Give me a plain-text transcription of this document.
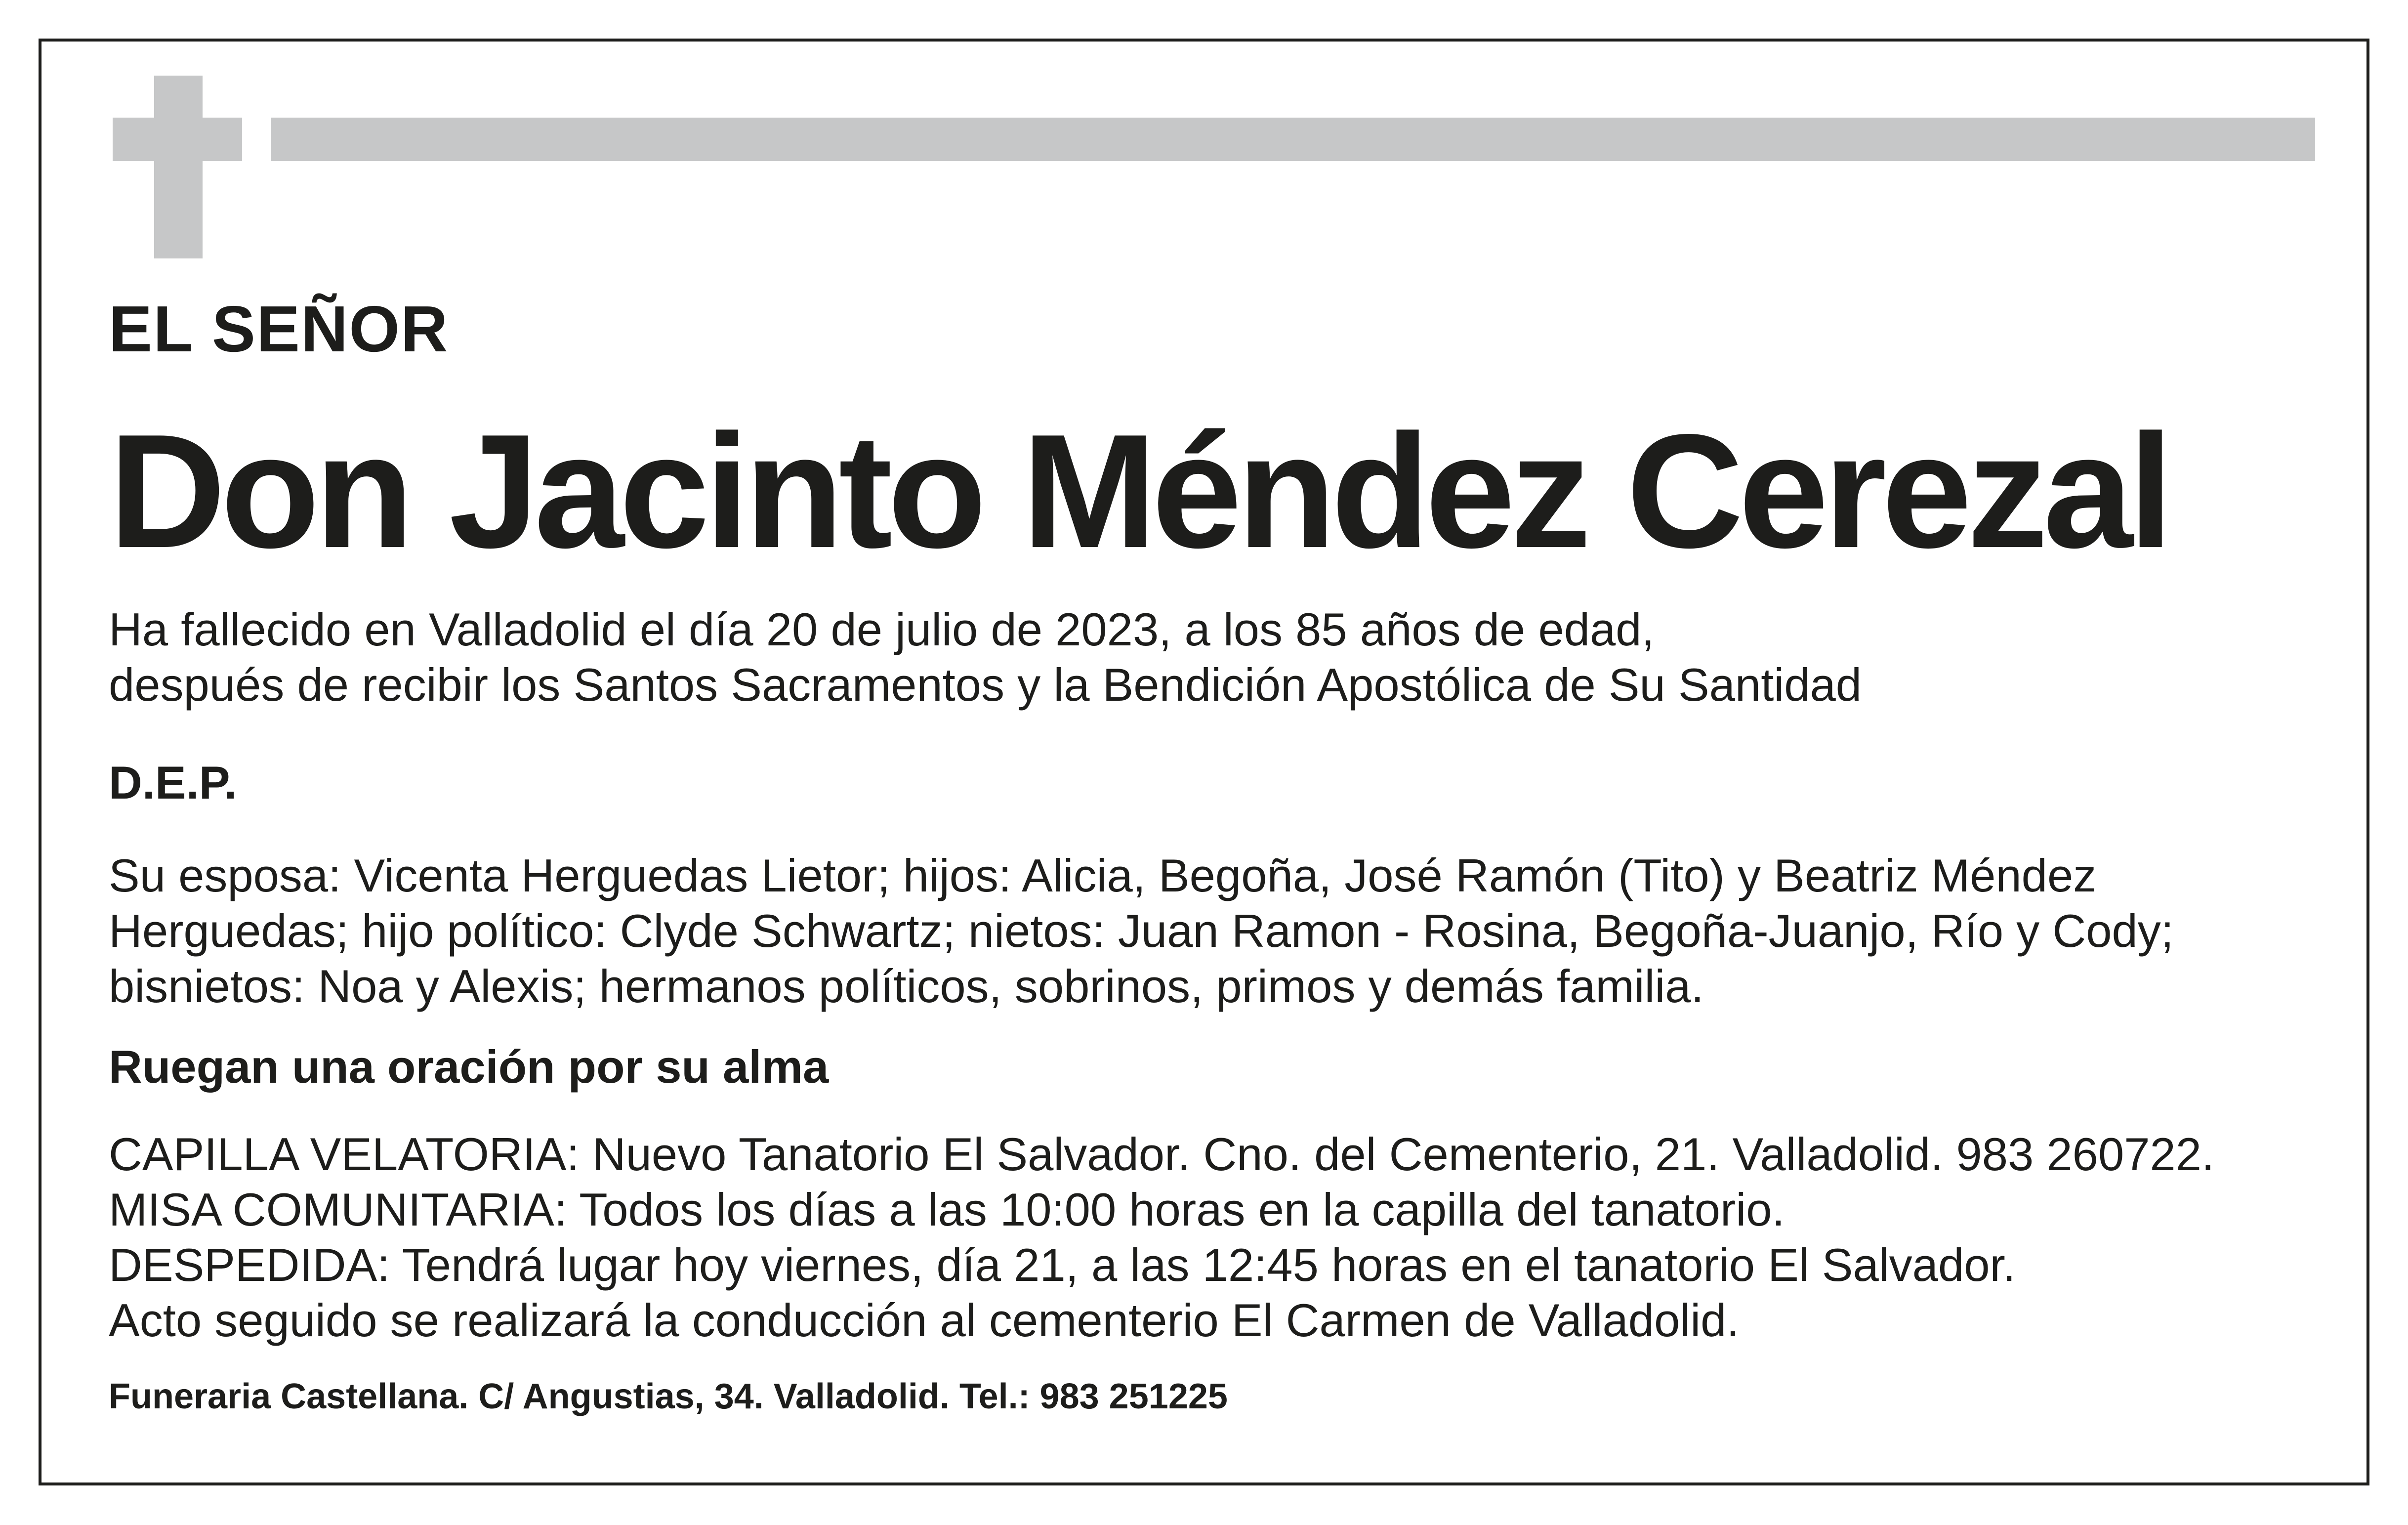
EL SEÑOR

Don Jacinto Méndez Cerezal

Ha fallecido en Valladolid el día 20 de julio de 2023, a los 85 años de edad,
después de recibir los Santos Sacramentos y la Bendición Apostólica de Su Santidad

D.E.P.

Su esposa: Vicenta Herguedas Lietor; hijos: Alicia, Begoña, José Ramón (Tito) y Beatriz Méndez
Herguedas; hijo político: Clyde Schwartz; nietos: Juan Ramon - Rosina, Begoña-Juanjo, Río y Cody;
bisnietos: Noa y Alexis; hermanos políticos, sobrinos, primos y demás familia.

Ruegan una oración por su alma

CAPILLA VELATORIA: Nuevo Tanatorio El Salvador. Cno. del Cementerio, 21. Valladolid. 983 260722.
MISA COMUNITARIA: Todos los días a las 10:00 horas en la capilla del tanatorio.
DESPEDIDA: Tendrá lugar hoy viernes, día 21, a las 12:45 horas en el tanatorio El Salvador.
Acto seguido se realizará la conducción al cementerio El Carmen de Valladolid.

Funeraria Castellana. C/ Angustias, 34. Valladolid. Tel.: 983 251225
